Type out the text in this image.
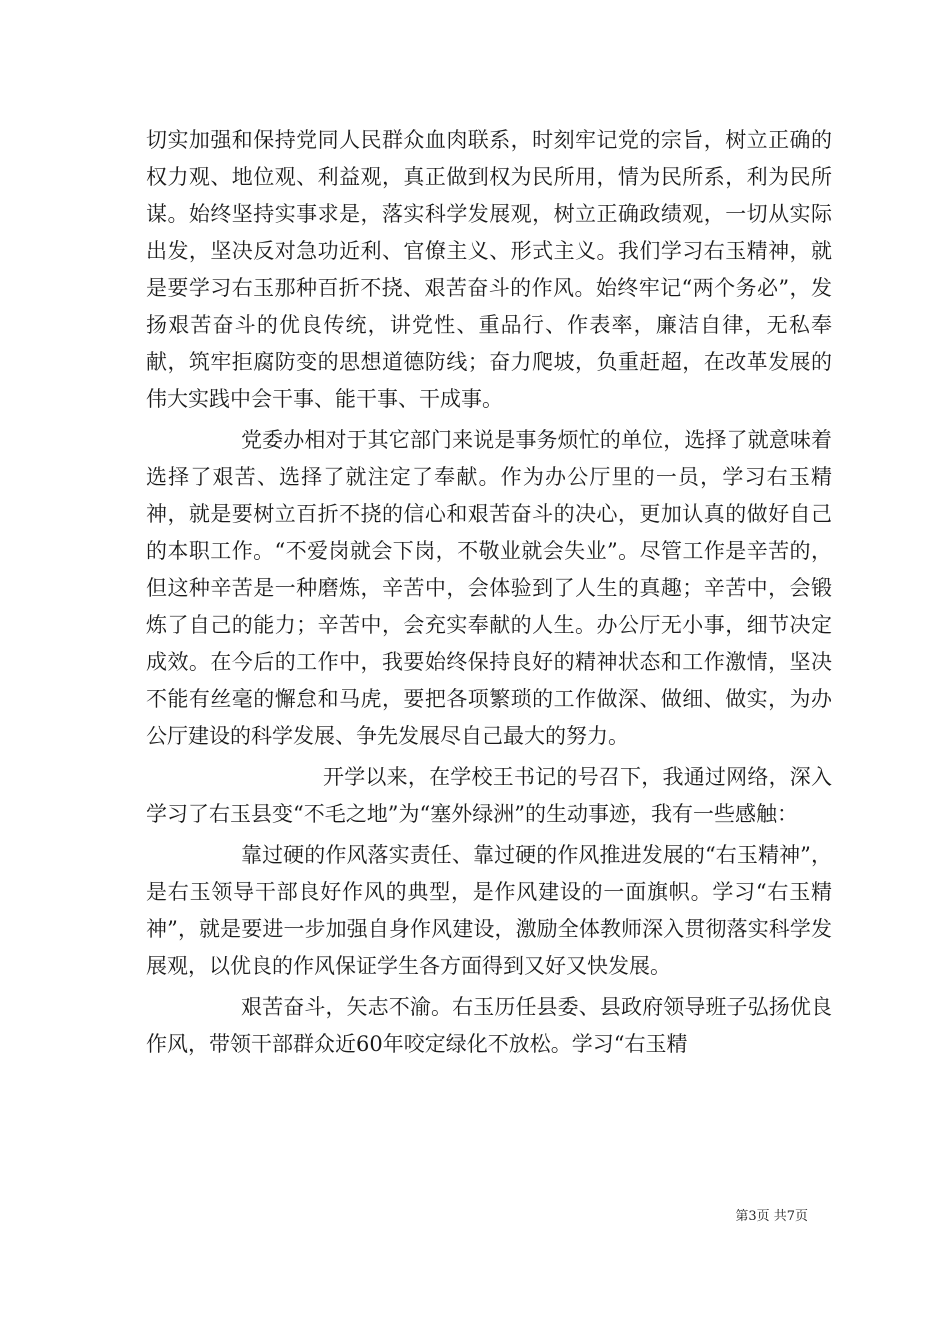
切实加强和保持党同人民群众血肉联系，时刻牢记党的宗旨，树立正确的权力观、地位观、利益观，真正做到权为民所用，情为民所系，利为民所谋。始终坚持实事求是，落实科学发展观，树立正确政绩观，一切从实际出发，坚决反对急功近利、官僚主义、形式主义。我们学习右玉精神，就是要学习右玉那种百折不挠、艰苦奋斗的作风。始终牢记“两个务必”，发扬艰苦奋斗的优良传统，讲党性、重品行、作表率，廉洁自律，无私奉献，筑牢拒腐防变的思想道德防线；奋力爬坡，负重赶超，在改革发展的伟大实践中会干事、能干事、干成事。

党委办相对于其它部门来说是事务烦忙的单位，选择了就意味着选择了艰苦、选择了就注定了奉献。作为办公厅里的一员，学习右玉精神，就是要树立百折不挠的信心和艰苦奋斗的决心，更加认真的做好自己的本职工作。“不爱岗就会下岗，不敬业就会失业”。尽管工作是辛苦的，但这种辛苦是一种磨炼，辛苦中，会体验到了人生的真趣；辛苦中，会锻炼了自己的能力；辛苦中，会充实奉献的人生。办公厅无小事，细节决定成效。在今后的工作中，我要始终保持良好的精神状态和工作激情，坚决不能有丝毫的懈怠和马虎，要把各项繁琐的工作做深、做细、做实，为办公厅建设的科学发展、争先发展尽自己最大的努力。

开学以来，在学校王书记的号召下，我通过网络，深入学习了右玉县变“不毛之地”为“塞外绿洲”的生动事迹，我有一些感触：

靠过硬的作风落实责任、靠过硬的作风推进发展的“右玉精神”，是右玉领导干部良好作风的典型，是作风建设的一面旗帜。学习“右玉精神”，就是要进一步加强自身作风建设，激励全体教师深入贯彻落实科学发展观，以优良的作风保证学生各方面得到又好又快发展。

艰苦奋斗，矢志不渝。右玉历任县委、县政府领导班子弘扬优良作风，带领干部群众近60年咬定绿化不放松。学习“右玉精

第3页 共7页
